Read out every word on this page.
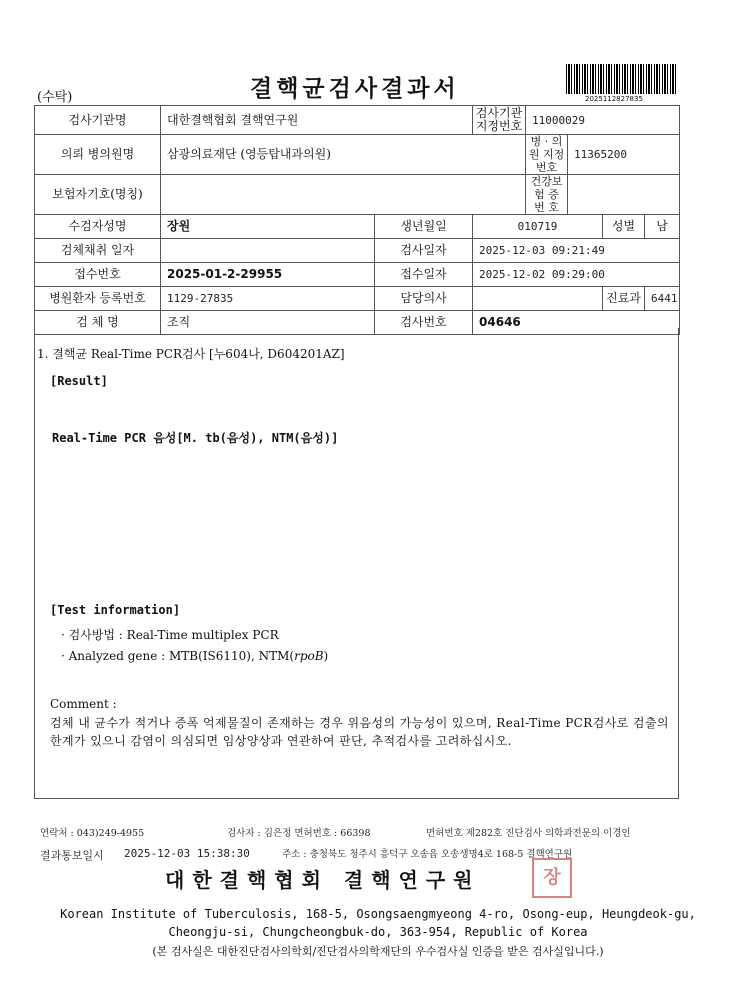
(수탁)	결핵균검사결과서	2025112827835
검사기관명	대한결핵협회 결핵연구원		검사기관 지정번호	11000029			
의뢰 병의원명	삼광의료재단 (영등탑내과의원)			병 · 의원 지정번호	11365200		
보험자기호(명칭)				건강보험 증 번 호			
수검자성명	장원	생년월일	010719			성별	남
검체채취 일자		검사일자	2025-12-03 09:21:49				
접수번호	2025-01-2-29955	접수일자	2025-12-02 09:29:00				
병원환자 등록번호	1129-27835	담당의사				진료과	6441
검 체 명	조직	검사번호	04646				
1. 결핵균 Real-Time PCR검사 [누604나, D604201AZ]
[Result]
Real-Time PCR 음성[M. tb(음성), NTM(음성)]
[Test information]
· 검사방법 : Real-Time multiplex PCR
· Analyzed gene : MTB(IS6110), NTM(rpoB)
Comment :
검체 내 균수가 적거나 증폭 억제물질이 존재하는 경우 위음성의 가능성이 있으며, Real-Time PCR검사로 검출의 한계가 있으니 감염이 의심되면 임상양상과 연관하여 판단, 추적검사를 고려하십시오.
연락처 : 043)249-4955	검사자 : 김은정 면허번호 : 66398	면허번호 제282호 진단검사 의학과전문의 이경인
결과통보일시 2025-12-03 15:38:30	주소 : 충청북도 청주시 흥덕구 오송읍 오송생명4로 168-5 결핵연구원
대한결핵협회 결핵연구원	장
Korean Institute of Tuberculosis, 168-5, Osongsaengmyeong 4-ro, Osong-eup, Heungdeok-gu,
Cheongju-si, Chungcheongbuk-do, 363-954, Republic of Korea
(본 검사실은 대한진단검사의학회/진단검사의학재단의 우수검사실 인증을 받은 검사실입니다.)
